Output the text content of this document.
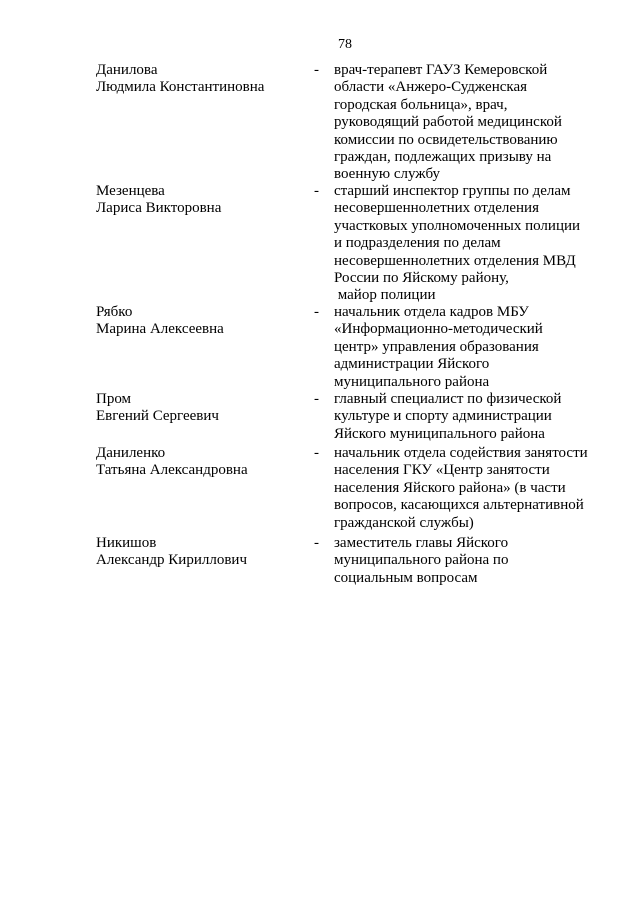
78
Данилова
Людмила Константиновна
-	врач-терапевт ГАУЗ Кемеровской
области «Анжеро-Судженская
городская больница», врач,
руководящий работой медицинской
комиссии по освидетельствованию
граждан, подлежащих призыву на
военную службу
Мезенцева
Лариса Викторовна
-	старший инспектор группы по делам
несовершеннолетних отделения
участковых уполномоченных полиции
и подразделения по делам
несовершеннолетних отделения МВД
России по Яйскому району,
майор полиции
Рябко
Марина Алексеевна
-	начальник отдела кадров МБУ
«Информационно-методический
центр» управления образования
администрации Яйского
муниципального района
Пром
Евгений Сергеевич
-	главный специалист по физической
культуре и спорту администрации
Яйского муниципального района
Даниленко
Татьяна Александровна
-	начальник отдела содействия занятости
населения ГКУ «Центр занятости
населения Яйского района» (в части
вопросов, касающихся альтернативной
гражданской службы)
Никишов
Александр Кириллович
-	заместитель главы Яйского
муниципального района по
социальным вопросам
